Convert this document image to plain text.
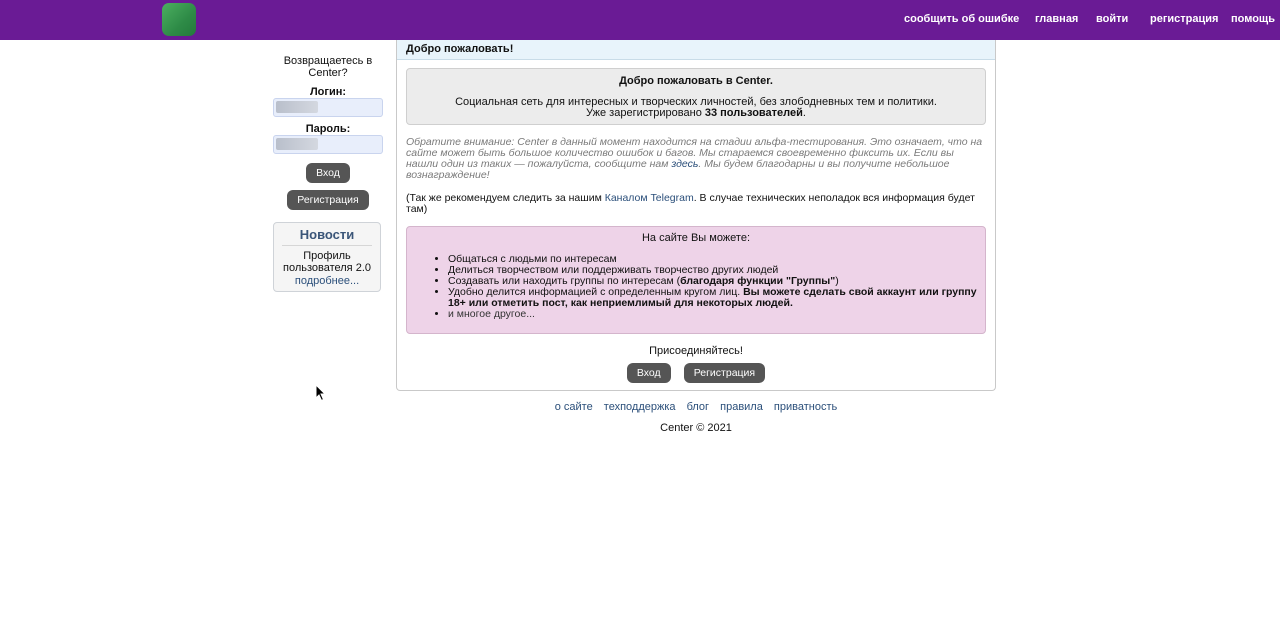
сообщить об ошибке главная войти регистрация помощь
Возвращаетесь в Center?
Логин:
Пароль:
Вход
Регистрация
Новости
Профиль пользователя 2.0
подробнее...
Добро пожаловать!
Добро пожаловать в Center.
Социальная сеть для интересных и творческих личностей, без злободневных тем и политики.
Уже зарегистрировано 33 пользователей.
Обратите внимание: Center в данный момент находится на стадии альфа-тестирования. Это означает, что на сайте может быть большое количество ошибок и багов. Мы стараемся своевременно фиксить их. Если вы нашли один из таких — пожалуйста, сообщите нам здесь. Мы будем благодарны и вы получите небольшое вознаграждение!
(Так же рекомендуем следить за нашим Каналом Telegram. В случае технических неполадок вся информация будет там)
На сайте Вы можете:
• Общаться с людьми по интересам
• Делиться творчеством или поддерживать творчество других людей
• Создавать или находить группы по интересам (благодаря функции "Группы")
• Удобно делится информацией с определенным кругом лиц. Вы можете сделать свой аккаунт или группу 18+ или отметить пост, как неприемлимый для некоторых людей.
• и многое другое...
Присоединяйтесь!
Вход	Регистрация
о сайте техподдержка блог правила приватность
Center © 2021
